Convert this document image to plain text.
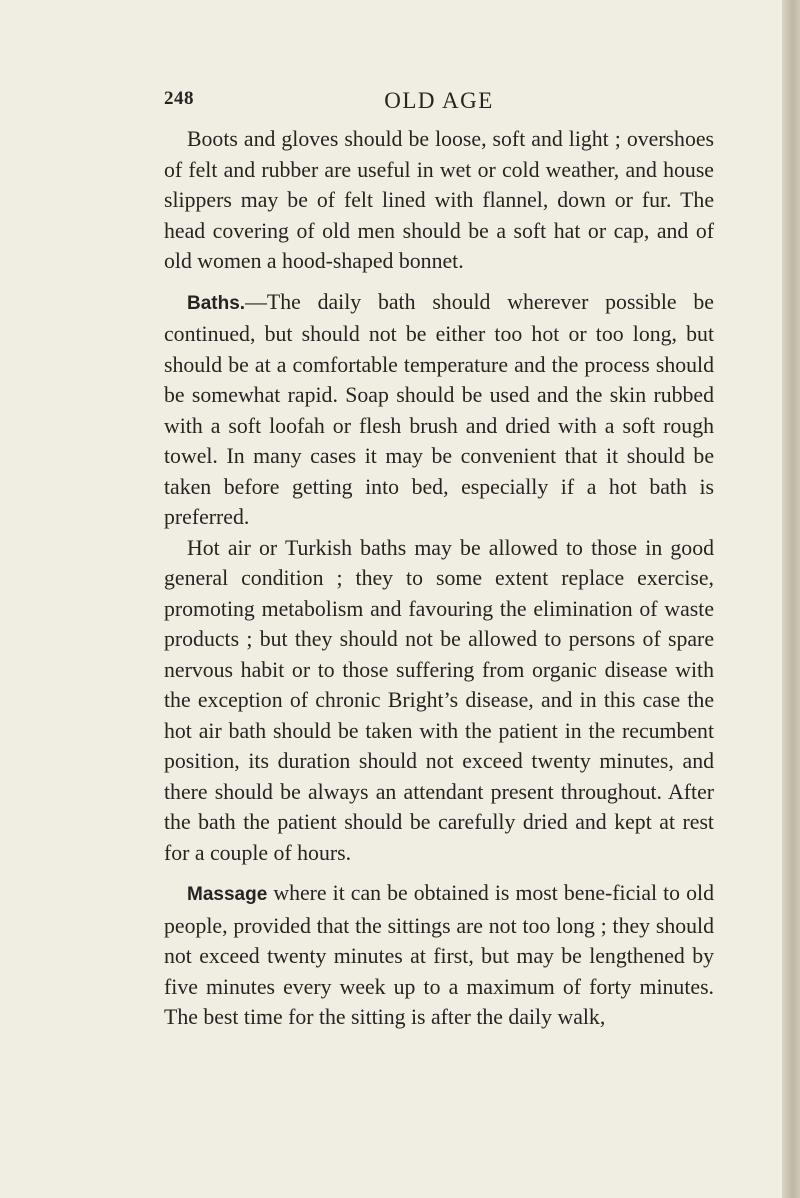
248	OLD AGE

Boots and gloves should be loose, soft and light ; overshoes of felt and rubber are useful in wet or cold weather, and house slippers may be of felt lined with flannel, down or fur. The head covering of old men should be a soft hat or cap, and of old women a hood-shaped bonnet.

Baths.—The daily bath should wherever possible be continued, but should not be either too hot or too long, but should be at a comfortable temperature and the process should be somewhat rapid. Soap should be used and the skin rubbed with a soft loofah or flesh brush and dried with a soft rough towel. In many cases it may be convenient that it should be taken before getting into bed, especially if a hot bath is preferred.

Hot air or Turkish baths may be allowed to those in good general condition ; they to some extent replace exercise, promoting metabolism and favouring the elimination of waste products ; but they should not be allowed to persons of spare nervous habit or to those suffering from organic disease with the exception of chronic Bright’s disease, and in this case the hot air bath should be taken with the patient in the recumbent position, its duration should not exceed twenty minutes, and there should be always an attendant present throughout. After the bath the patient should be carefully dried and kept at rest for a couple of hours.

Massage where it can be obtained is most bene-ficial to old people, provided that the sittings are not too long ; they should not exceed twenty minutes at first, but may be lengthened by five minutes every week up to a maximum of forty minutes. The best time for the sitting is after the daily walk,
